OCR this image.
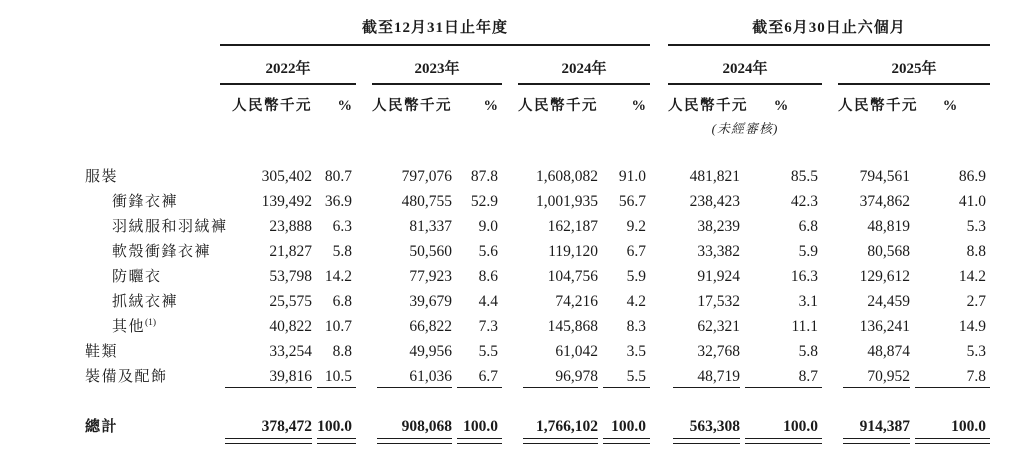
	截至12月31日止年度									截至6月30日止六個月				
	2022年			2023年			2024年			2024年			2025年	
	人民幣千元	%		人民幣千元	%		人民幣千元	%		人民幣千元	%		人民幣千元	%
										(未經審核)				

服裝	305,402	80.7		797,076	87.8		1,608,082	91.0		481,821	85.5		794,561	86.9
衝鋒衣褲	139,492	36.9		480,755	52.9		1,001,935	56.7		238,423	42.3		374,862	41.0
羽絨服和羽絨褲	23,888	6.3		81,337	9.0		162,187	9.2		38,239	6.8		48,819	5.3
軟殼衝鋒衣褲	21,827	5.8		50,560	5.6		119,120	6.7		33,382	5.9		80,568	8.8
防曬衣	53,798	14.2		77,923	8.6		104,756	5.9		91,924	16.3		129,612	14.2
抓絨衣褲	25,575	6.8		39,679	4.4		74,216	4.2		17,532	3.1		24,459	2.7
其他$^{(1)}$	40,822	10.7		66,822	7.3		145,868	8.3		62,321	11.1		136,241	14.9
鞋類	33,254	8.8		49,956	5.5		61,042	3.5		32,768	5.8		48,874	5.3
裝備及配飾	39,816	10.5		61,036	6.7		96,978	5.5		48,719	8.7		70,952	7.8

總計	378,472	100.0		908,068	100.0		1,766,102	100.0		563,308	100.0		914,387	100.0
